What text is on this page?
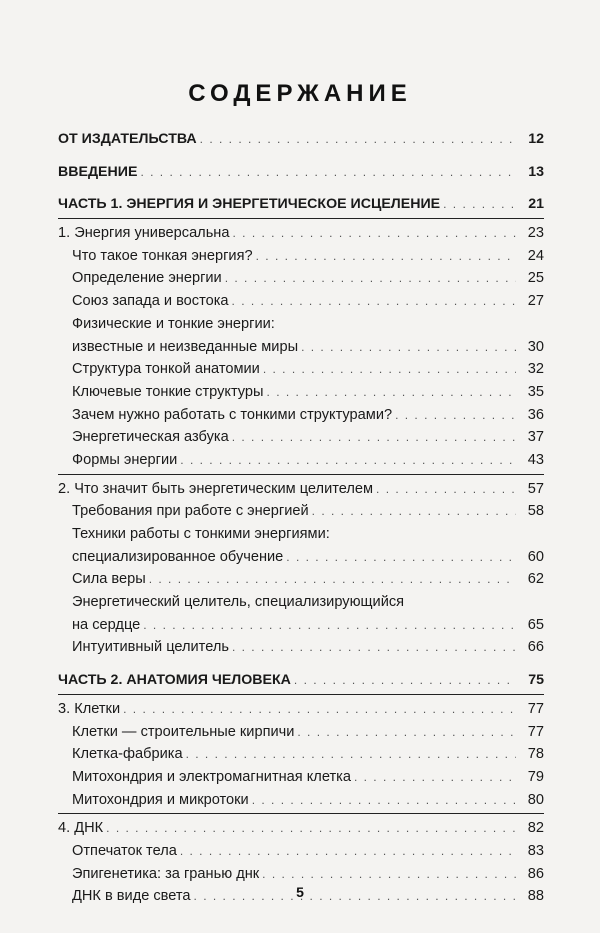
СОДЕРЖАНИЕ
ОТ ИЗДАТЕЛЬСТВА . . .	12
ВВЕДЕНИЕ . . .	13
ЧАСТЬ 1. ЭНЕРГИЯ И ЭНЕРГЕТИЧЕСКОЕ ИСЦЕЛЕНИЕ . . .	21
1. Энергия универсальна . . .	23
Что такое тонкая энергия? . . .	24
Определение энергии . . .	25
Союз запада и востока . . .	27
Физические и тонкие энергии:
известные и неизведанные миры . . .	30
Структура тонкой анатомии . . .	32
Ключевые тонкие структуры . . .	35
Зачем нужно работать с тонкими структурами? . . .	36
Энергетическая азбука . . .	37
Формы энергии . . .	43
2. Что значит быть энергетическим целителем . . .	57
Требования при работе с энергией . . .	58
Техники работы с тонкими энергиями:
специализированное обучение . . .	60
Сила веры . . .	62
Энергетический целитель, специализирующийся
на сердце . . .	65
Интуитивный целитель . . .	66
ЧАСТЬ 2. АНАТОМИЯ ЧЕЛОВЕКА . . .	75
3. Клетки . . .	77
Клетки — строительные кирпичи . . .	77
Клетка-фабрика . . .	78
Митохондрия и электромагнитная клетка . . .	79
Митохондрия и микротоки . . .	80
4. ДНК . . .	82
Отпечаток тела . . .	83
Эпигенетика: за гранью днк . . .	86
ДНК в виде света . . .	88
5
